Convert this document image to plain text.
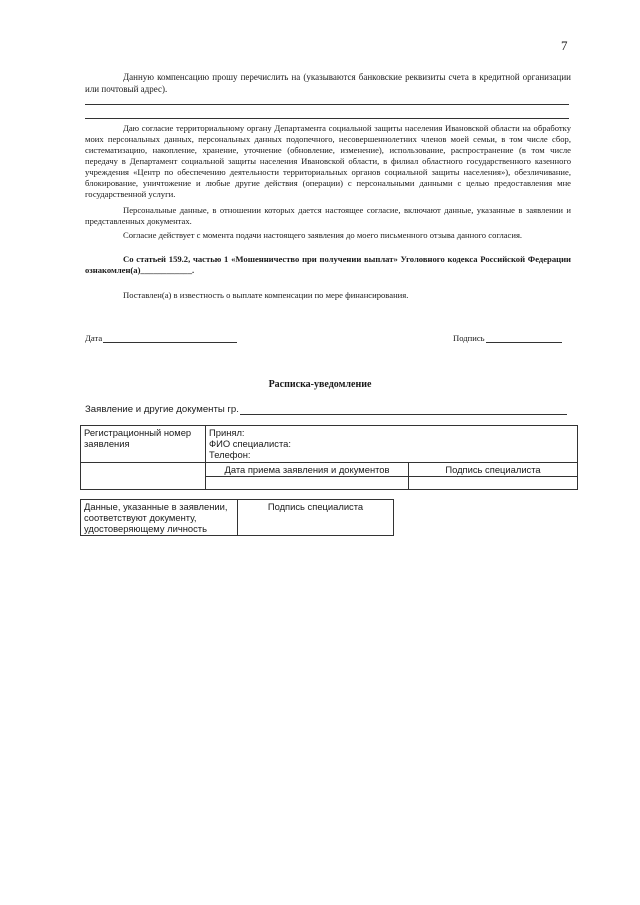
7
Данную компенсацию прошу перечислить на (указываются банковские реквизиты счета в кредитной организации или почтовый адрес).
Даю согласие территориальному органу Департамента социальной защиты населения Ивановской области на обработку моих персональных данных, персональных данных подопечного, несовершеннолетних членов моей семьи, в том числе сбор, систематизацию, накопление, хранение, уточнение (обновление, изменение), использование, распространение (в том числе передачу в Департамент социальной защиты населения Ивановской области, в филиал областного государственного казенного учреждения «Центр по обеспечению деятельности территориальных органов социальной защиты населения»), обезличивание, блокирование, уничтожение и любые другие действия (операции) с персональными данными с целью предоставления мне государственной услуги.
Персональные данные, в отношении которых дается настоящее согласие, включают данные, указанные в заявлении и представленных документах.
Согласие действует с момента подачи настоящего заявления до моего письменного отзыва данного согласия.
Со статьей 159.2, частью 1 «Мошенничество при получении выплат» Уголовного кодекса Российской Федерации ознакомлен(а)____________.
Поставлен(а) в известность о выплате компенсации по мере финансирования.
Дата	Подпись
Расписка-уведомление
Заявление и другие документы гр.
Регистрационный номер заявления	Принял:
ФИО специалиста:
Телефон:	

	Дата приема заявления и документов	Подпись специалиста

Данные, указанные в заявлении, соответствуют документу, удостоверяющему личность	Подпись специалиста
